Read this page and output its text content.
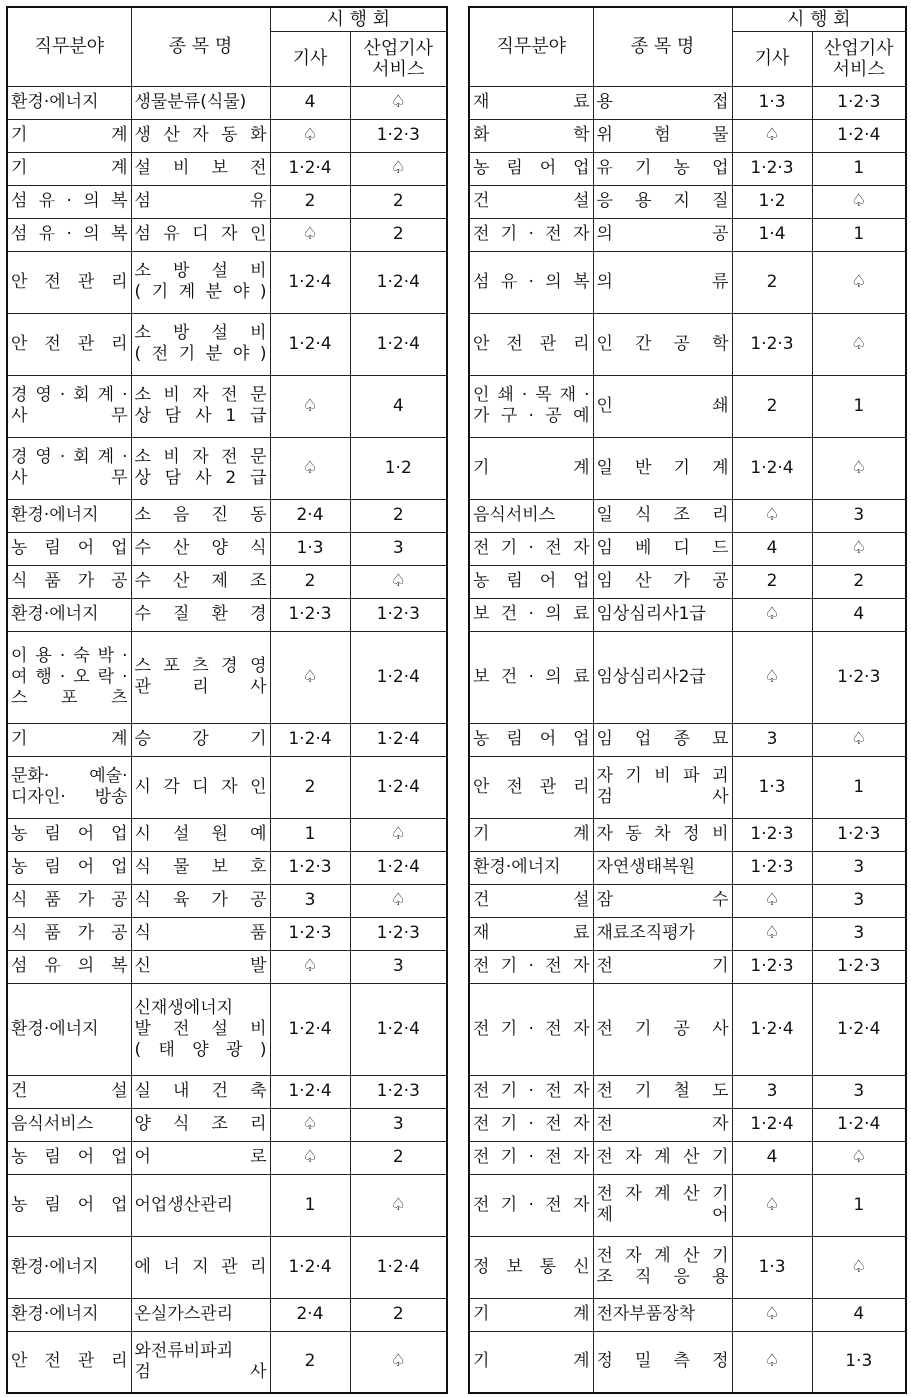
직무분야	종 목 명	시 행 회	
		기사	산업기사
서비스
환경·에너지	생물분류(식물)	4	♤
기 계	생 산 자 동 화	♤	1·2·3
기 계	설 비 보 전	1·2·4	♤
섬 유 · 의 복	섬 유	2	2
섬 유 · 의 복	섬 유 디 자 인	♤	2
안 전 관 리	소 방 설 비
( 기 계 분 야 )	1·2·4	1·2·4
안 전 관 리	소 방 설 비
( 전 기 분 야 )	1·2·4	1·2·4
경 영 · 회 계 ·
사 무	소 비 자 전 문
상 담 사 1 급	♤	4
경 영 · 회 계 ·
사 무	소 비 자 전 문
상 담 사 2 급	♤	1·2
환경·에너지	소 음 진 동	2·4	2
농 림 어 업	수 산 양 식	1·3	3
식 품 가 공	수 산 제 조	2	♤
환경·에너지	수 질 환 경	1·2·3	1·2·3
이 용 · 숙 박 ·
여 행 · 오 락 ·
스 포 츠	스 포 츠 경 영
관 리 사	♤	1·2·4
기 계	승 강 기	1·2·4	1·2·4
문화· 예술·
디자인· 방송	시 각 디 자 인	2	1·2·4
농 림 어 업	시 설 원 예	1	♤
농 림 어 업	식 물 보 호	1·2·3	1·2·4
식 품 가 공	식 육 가 공	3	♤
식 품 가 공	식 품	1·2·3	1·2·3
섬 유 의 복	신 발	♤	3
환경·에너지	신재생에너지
발 전 설 비
( 태 양 광 )	1·2·4	1·2·4
건 설	실 내 건 축	1·2·4	1·2·3
음식서비스	양 식 조 리	♤	3
농 림 어 업	어 로	♤	2
농 림 어 업	어업생산관리	1	♤
환경·에너지	에 너 지 관 리	1·2·4	1·2·4
환경·에너지	온실가스관리	2·4	2
안 전 관 리	와전류비파괴
검 사	2	♤
직무분야	종 목 명	시 행 회	
		기사	산업기사
서비스
재 료	용 접	1·3	1·2·3
화 학	위 험 물	♤	1·2·4
농 림 어 업	유 기 농 업	1·2·3	1
건 설	응 용 지 질	1·2	♤
전 기 · 전 자	의 공	1·4	1
섬 유 · 의 복	의 류	2	♤
안 전 관 리	인 간 공 학	1·2·3	♤
인 쇄 · 목 재 ·
가 구 · 공 예	인 쇄	2	1
기 계	일 반 기 계	1·2·4	♤
음식서비스	일 식 조 리	♤	3
전 기 · 전 자	임 베 디 드	4	♤
농 림 어 업	임 산 가 공	2	2
보 건 · 의 료	임상심리사1급	♤	4
보 건 · 의 료	임상심리사2급	♤	1·2·3
농 림 어 업	임 업 종 묘	3	♤
안 전 관 리	자 기 비 파 괴
검 사	1·3	1
기 계	자 동 차 정 비	1·2·3	1·2·3
환경·에너지	자연생태복원	1·2·3	3
건 설	잠 수	♤	3
재 료	재료조직평가	♤	3
전 기 · 전 자	전 기	1·2·3	1·2·3
전 기 · 전 자	전 기 공 사	1·2·4	1·2·4
전 기 · 전 자	전 기 철 도	3	3
전 기 · 전 자	전 자	1·2·4	1·2·4
전 기 · 전 자	전 자 계 산 기	4	♤
전 기 · 전 자	전 자 계 산 기
제 어	♤	1
정 보 통 신	전 자 계 산 기
조 직 응 용	1·3	♤
기 계	전자부품장착	♤	4
기 계	정 밀 측 정	♤	1·3
